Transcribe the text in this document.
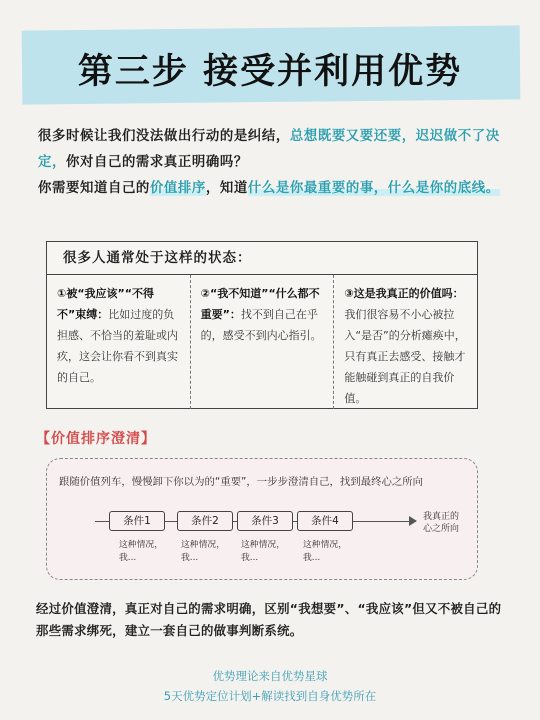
第三步 接受并利用优势
很多时候让我们没法做出行动的是纠结，总想既要又要还要，迟迟做不了决定，你对自己的需求真正明确吗？
你需要知道自己的价值排序，知道什么是你最重要的事，什么是你的底线。
很多人通常处于这样的状态：
①被“我应该”“不得不”束缚：比如过度的负担感、不恰当的羞耻或内疚，这会让你看不到真实的自己。
②“我不知道”“什么都不重要”：找不到自己在乎的，感受不到内心指引。
③这是我真正的价值吗：我们很容易不小心被拉入“是否”的分析瘫痪中，只有真正去感受、接触才能触碰到真正的自我价值。
【价值排序澄清】
跟随价值列车，慢慢卸下你以为的“重要”，一步步澄清自己，找到最终心之所向
条件1	条件2	条件3	条件4
这种情况，
我...
这种情况，
我...
这种情况，
我...
这种情况，
我...
我真正的
心之所向
经过价值澄清，真正对自己的需求明确，区别“我想要”、“我应该”但又不被自己的那些需求绑死，建立一套自己的做事判断系统。
优势理论来自优势星球
5天优势定位计划+解读找到自身优势所在
